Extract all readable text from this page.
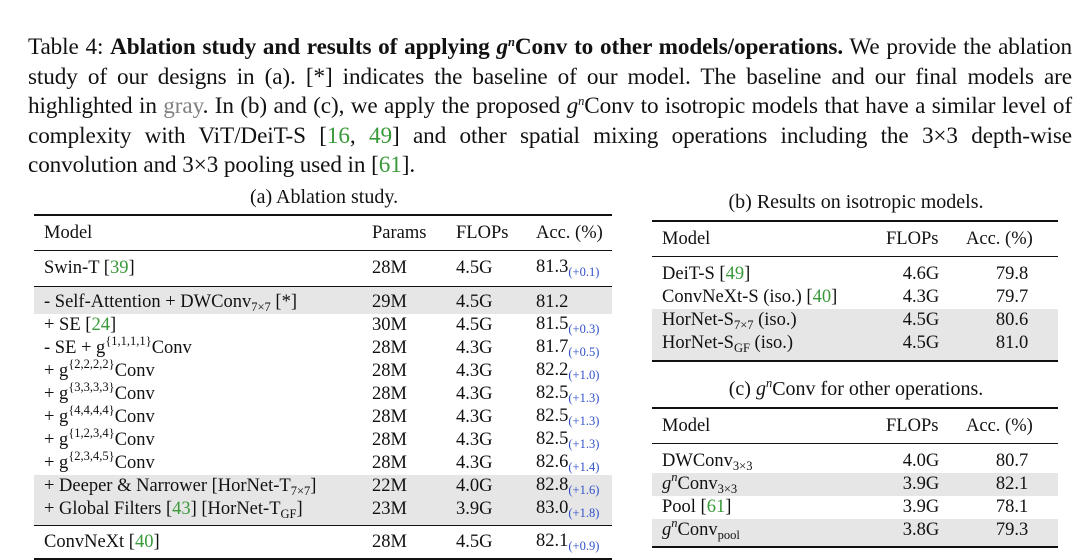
Table 4: Ablation study and results of applying $g^nConv$ to other models/operations. We provide the ablation study of our designs in (a). [*] indicates the baseline of our model. The baseline and our final models are highlighted in gray. In (b) and (c), we apply the proposed $g^nConv$ to isotropic models that have a similar level of complexity with ViT/DeiT-S [16, 49] and other spatial mixing operations including the 3×3 depth-wise convolution and 3×3 pooling used in [61].
(a) Ablation study.
Model	Params	FLOPs	Acc. (%)
Swin-T [39]	28M	4.5G	$81.3_{(+0.1)}$
- Self-Attention + DWConv$_{7\times 7}$ [*]	29M	4.5G	81.2
+ SE [24]	30M	4.5G	$81.5_{(+0.3)}$
- SE + $g^{\{1,1,1,1\}}Conv$	28M	4.3G	$81.7_{(+0.5)}$
+ $g^{\{2,2,2,2\}}Conv$	28M	4.3G	$82.2_{(+1.0)}$
+ $g^{\{3,3,3,3\}}Conv$	28M	4.3G	$82.5_{(+1.3)}$
+ $g^{\{4,4,4,4\}}Conv$	28M	4.3G	$82.5_{(+1.3)}$
+ $g^{\{1,2,3,4\}}Conv$	28M	4.3G	$82.5_{(+1.3)}$
+ $g^{\{2,3,4,5\}}Conv$	28M	4.3G	$82.6_{(+1.4)}$
+ Deeper & Narrower $[HorNet-T_{7\times 7}]$	22M	4.0G	$82.8_{(+1.6)}$
+ Global Filters [43] $[HorNet-T_{GF}]$	23M	3.9G	$83.0_{(+1.8)}$
ConvNeXt [40]	28M	4.5G	$82.1_{(+0.9)}$
(b) Results on isotropic models.
Model	FLOPs	Acc. (%)
DeiT-S [49]	4.6G	79.8
ConvNeXt-S (iso.) [40]	4.3G	79.7
HorNet-$S_{7\times 7}$ (iso.)	4.5G	80.6
HorNet-$S_{GF}$ (iso.)	4.5G	81.0
(c) $g^nConv$ for other operations.
Model	FLOPs	Acc. (%)
DWConv$_{3\times 3}$	4.0G	80.7
$g^nConv_{3\times 3}$	3.9G	82.1
Pool [61]	3.9G	78.1
$g^nConv_{pool}$	3.8G	79.3
